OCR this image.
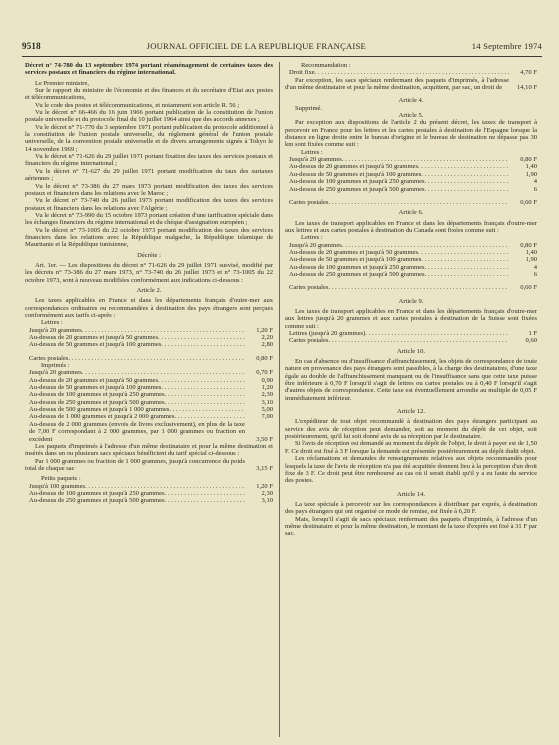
9518	JOURNAL OFFICIEL DE LA REPUBLIQUE FRANÇAISE	14 Septembre 1974

Décret n° 74-780 du 13 septembre 1974 portant réaménagement de certaines taxes des services postaux et financiers du régime international.

Le Premier ministre,

Sur le rapport du ministre de l'économie et des finances et du secrétaire d'Etat aux postes et télécommunications,

Vu le code des postes et télécommunications, et notamment son article R. 56 ;

Vu le décret n° 66-466 du 16 juin 1966 portant publication de la constitution de l'union postale universelle et du protocole final du 10 juillet 1964 ainsi que des accords annexes ;

Vu le décret n° 71-770 du 3 septembre 1971 portant publication du protocole additionnel à la constitution de l'union postale universelle, du règlement général de l'union postale universelle, de la convention postale universelle et de divers arrangements signés à Tokyo le 14 novembre 1969 ;

Vu le décret n° 71-626 du 29 juillet 1971 portant fixation des taxes des services postaux et financiers du régime international ;

Vu le décret n° 71-627 du 29 juillet 1971 portant modification du taux des surtaxes aériennes ;

Vu le décret n° 73-386 du 27 mars 1973 portant modification des taxes des services postaux et financiers dans les relations avec le Maroc ;

Vu le décret n° 73-740 du 26 juillet 1973 portant modification des taxes des services postaux et financiers dans les relations avec l'Algérie ;

Vu le décret n° 73-990 du 15 octobre 1973 portant création d'une tarification spéciale dans les échanges financiers du régime international et du chèque d'assignation européen ;

Vu le décret n° 73-1005 du 22 octobre 1973 portant modification des taxes des services financiers dans les relations avec la République malgache, la République islamique de Mauritanie et la République tunisienne,

Décrète :

Art. 1er. — Les dispositions du décret n° 71-626 du 29 juillet 1971 susvisé, modifié par les décrets n° 73-386 du 27 mars 1973, n° 73-740 du 26 juillet 1973 et n° 73-1005 du 22 octobre 1973, sont à nouveau modifiées conformément aux indications ci-dessous :

Article 2.

Les taxes applicables en France et dans les départements français d'outre-mer aux correspondances ordinaires ou recommandées à destination des pays étrangers sont perçues conformément aux tarifs ci-après :

Lettres :

Jusqu'à 20 grammes . . .	1,20 F
Au-dessus de 20 grammes et jusqu'à 50 grammes . . .	2,20
Au-dessus de 50 grammes et jusqu'à 100 grammes . . .	2,80
Cartes postales . . .	0,80 F

Imprimés :

Jusqu'à 20 grammes . . .	0,70 F
Au-dessus de 20 grammes et jusqu'à 50 grammes . . .	0,90
Au-dessus de 50 grammes et jusqu'à 100 grammes . . .	1,20
Au-dessus de 100 grammes et jusqu'à 250 grammes . . .	2,30
Au-dessus de 250 grammes et jusqu'à 500 grammes . . .	3,10
Au-dessus de 500 grammes et jusqu'à 1 000 grammes . . .	5,00
Au-dessus de 1 000 grammes et jusqu'à 2 000 grammes . . .	7,00

Au-dessus de 2 000 grammes (envois de livres exclusivement), en plus de la taxe de 7,00 F correspondant à 2 000 grammes, par 1 000 grammes ou fraction en excédent	3,50 F

Les paquets d'imprimés à l'adresse d'un même destinataire et pour la même destination et insérés dans un ou plusieurs sacs spéciaux bénéficient du tarif spécial ci-dessous :

Par 1 000 grammes ou fraction de 1 000 grammes, jusqu'à concurrence du poids total de chaque sac	3,15 F

Petits paquets :

Jusqu'à 100 grammes . . .	1,20 F
Au-dessus de 100 grammes et jusqu'à 250 grammes . . .	2,30
Au-dessus de 250 grammes et jusqu'à 500 grammes . . .	3,10

Recommandation :

Droit fixe . . .	4,70 F

Par exception, les sacs spéciaux renfermant des paquets d'imprimés, à l'adresse d'un même destinataire et pour la même destination, acquittent, par sac, un droit de	14,10 F

Article 4.

Supprimé.

Article 5.

Par exception aux dispositions de l'article 2 du présent décret, les taxes de transport à percevoir en France pour les lettres et les cartes postales à destination de l'Espagne lorsque la distance en ligne droite entre le bureau d'origine et le bureau de destination ne dépasse pas 30 km sont fixées comme suit :

Lettres :

Jusqu'à 20 grammes . . .	0,80 F
Au-dessus de 20 grammes et jusqu'à 50 grammes . . .	1,40
Au-dessus de 50 grammes et jusqu'à 100 grammes . . .	1,90
Au-dessus de 100 grammes et jusqu'à 250 grammes . . .	4
Au-dessus de 250 grammes et jusqu'à 500 grammes . . .	6
Cartes postales . . .	0,60 F

Article 6.

Les taxes de transport applicables en France et dans les départements français d'outre-mer aux lettres et aux cartes postales à destination du Canada sont fixées comme suit :

Lettres :

Jusqu'à 20 grammes . . .	0,80 F
Au-dessus de 20 grammes et jusqu'à 50 grammes . . .	1,40
Au-dessus de 50 grammes et jusqu'à 100 grammes . . .	1,90
Au-dessus de 100 grammes et jusqu'à 250 grammes . . .	4
Au-dessus de 250 grammes et jusqu'à 500 grammes . . .	6
Cartes postales . . .	0,60 F

Article 9.

Les taxes de transport applicables en France et dans les départements français d'outre-mer aux lettres jusqu'à 20 grammes et aux cartes postales à destination de la Suisse sont fixées comme suit :

Lettres (jusqu'à 20 grammes) . . .	1 F
Cartes postales . . .	0,60

Article 10.

En cas d'absence ou d'insuffisance d'affranchissement, les objets de correspondance de toute nature en provenance des pays étrangers sont passibles, à la charge des destinataires, d'une taxe égale au double de l'affranchissement manquant ou de l'insuffisance sans que cette taxe puisse être inférieure à 0,70 F lorsqu'il s'agit de lettres ou cartes postales ou à 0,40 F lorsqu'il s'agit d'autres objets de correspondance. Cette taxe est éventuellement arrondie au multiple de 0,05 F immédiatement inférieur.

Article 12.

L'expéditeur de tout objet recommandé à destination des pays étrangers participant au service des avis de réception peut demander, soit au moment du dépôt de cet objet, soit postérieurement, qu'il lui soit donné avis de sa réception par le destinataire.

Si l'avis de réception est demandé au moment du dépôt de l'objet, le droit à payer est de 1,50 F. Ce droit est fixé à 3 F lorsque la demande est présentée postérieurement au dépôt dudit objet.

Les réclamations et demandes de renseignements relatives aux objets recommandés pour lesquels la taxe de l'avis de réception n'a pas été acquittée donnent lieu à la perception d'un droit fixe de 3 F. Ce droit peut être remboursé au cas où il serait établi qu'il y a eu faute du service des postes.

Article 14.

La taxe spéciale à percevoir sur les correspondances à distribuer par exprès, à destination des pays étrangers qui ont organisé ce mode de remise, est fixée à 6,20 F.

Mais, lorsqu'il s'agit de sacs spéciaux renfermant des paquets d'imprimés, à l'adresse d'un même destinataire et pour la même destination, le montant de la taxe d'exprès est fixé à 31 F par sac.
